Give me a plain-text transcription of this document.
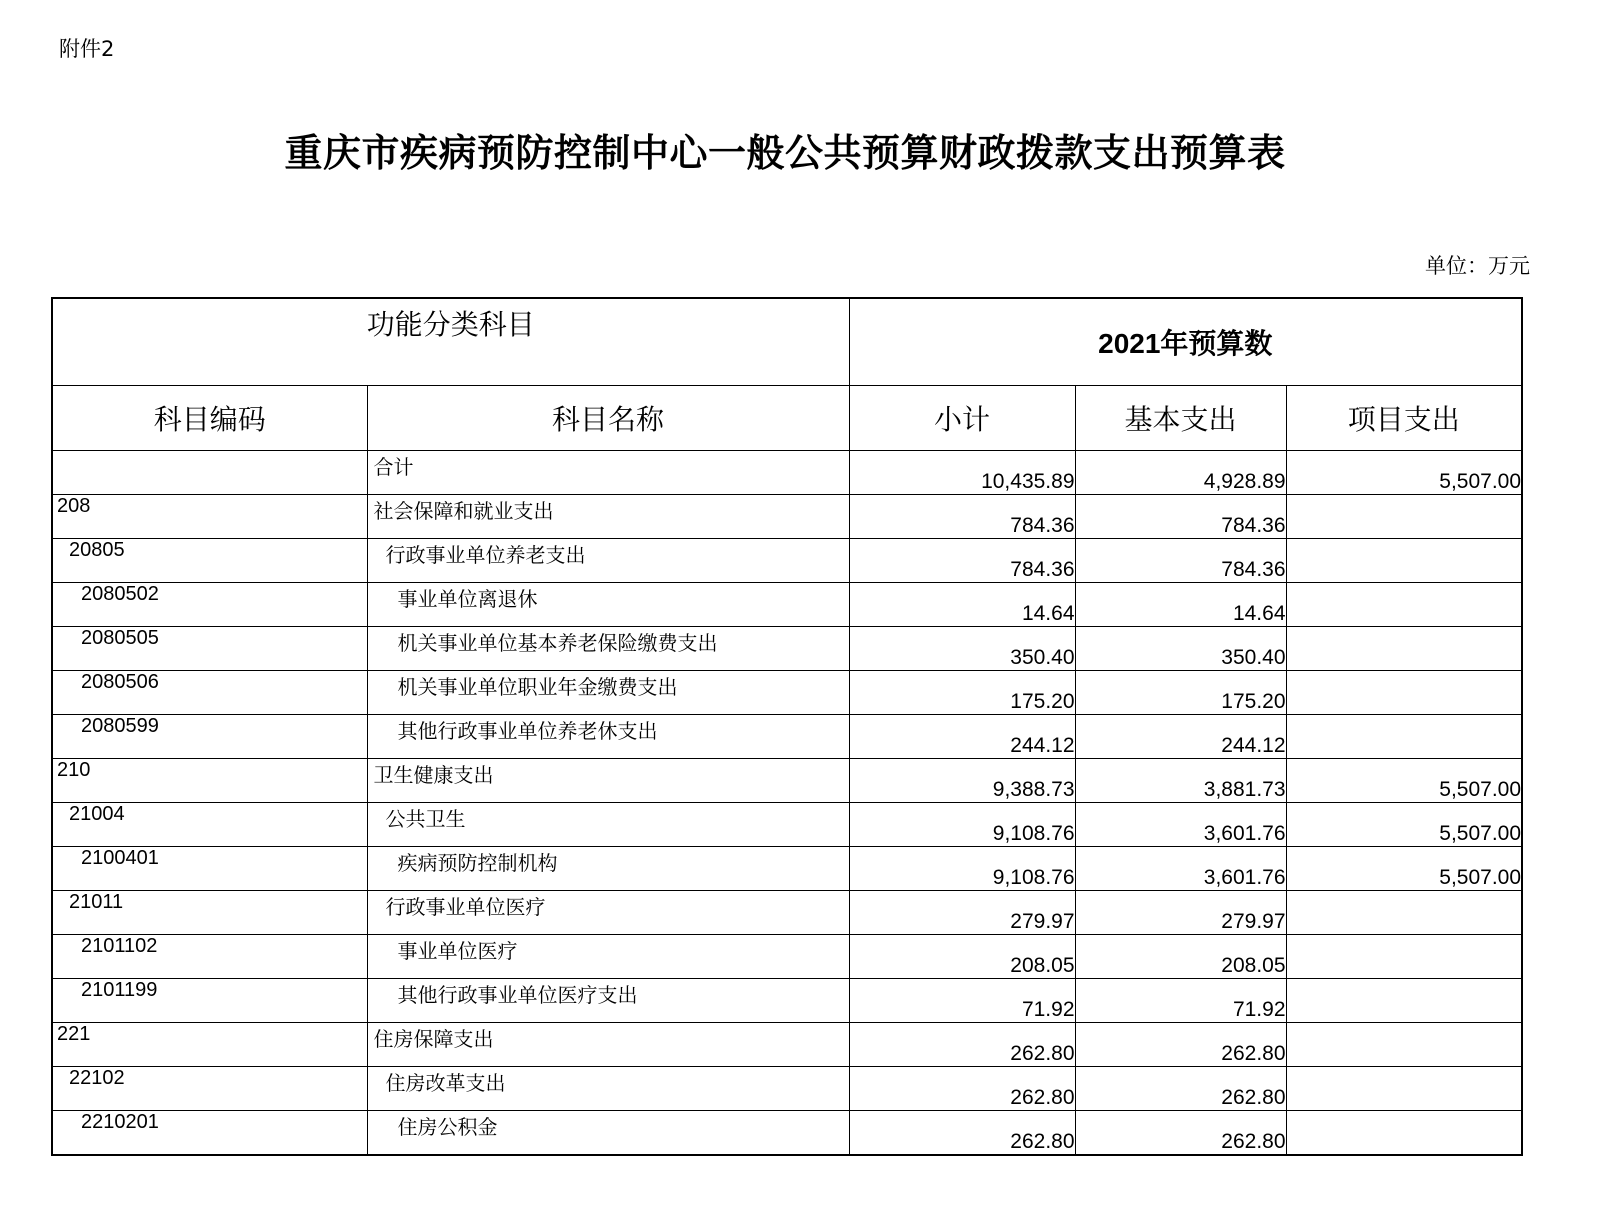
附件2
重庆市疾病预防控制中心一般公共预算财政拨款支出预算表
单位：万元
功能分类科目		2021年预算数		
科目编码	科目名称	小计	基本支出	项目支出
	合计	10,435.89	4,928.89	5,507.00
208	社会保障和就业支出	784.36	784.36	
20805	行政事业单位养老支出	784.36	784.36	
2080502	事业单位离退休	14.64	14.64	
2080505	机关事业单位基本养老保险缴费支出	350.40	350.40	
2080506	机关事业单位职业年金缴费支出	175.20	175.20	
2080599	其他行政事业单位养老休支出	244.12	244.12	
210	卫生健康支出	9,388.73	3,881.73	5,507.00
21004	公共卫生	9,108.76	3,601.76	5,507.00
2100401	疾病预防控制机构	9,108.76	3,601.76	5,507.00
21011	行政事业单位医疗	279.97	279.97	
2101102	事业单位医疗	208.05	208.05	
2101199	其他行政事业单位医疗支出	71.92	71.92	
221	住房保障支出	262.80	262.80	
22102	住房改革支出	262.80	262.80	
2210201	住房公积金	262.80	262.80	
